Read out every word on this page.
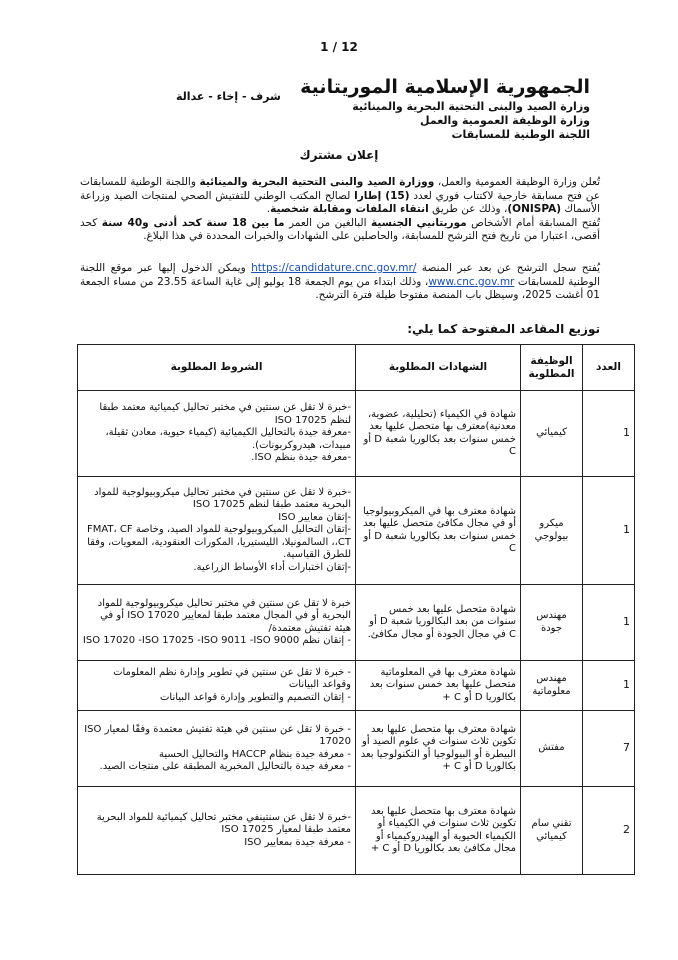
1 / 12
الجمهورية الإسلامية الموريتانية
شرف - إخاء - عدالة
وزارة الصيد والبنى التحتية البحرية والمينائية
وزارة الوظيفة العمومية والعمل
اللجنة الوطنية للمسابقات
إعلان مشترك
تُعلن وزارة الوظيفة العمومية والعمل، ووزارة الصيد والبنى التحتية البحرية والمينائية واللجنة الوطنية للمسابقات عن فتح مسابقة خارجية لاكتتاب فوري لعدد (15) إطارا لصالح المكتب الوطني للتفتيش الصحي لمنتجات الصيد وزراعة الأسماك (ONISPA)، وذلك عن طريق انتقاء الملفات ومقابلة شخصية.
تُفتح المسابقة أمام الأشخاص موريتانيي الجنسية البالغين من العمر ما بين 18 سنة كحد أدنى و40 سنة كحد أقصى، اعتبارا من تاريخ فتح الترشح للمسابقة، والحاصلين على الشهادات والخبرات المحددة في هذا البلاغ.
يُفتح سجل الترشح عن بعد عبر المنصة https://candidature.cnc.gov.mr/ ويمكن الدخول إليها عبر موقع اللجنة الوطنية للمسابقات www.cnc.gov.mr، وذلك ابتداء من يوم الجمعة 18 يوليو إلى غاية الساعة 23.55 من مساء الجمعة 01 أغشت 2025، وسيظل باب المنصة مفتوحا طيلة فترة الترشح.
توزيع المقاعد المفتوحة كما يلي:
العدد	الوظيفة المطلوبة	الشهادات المطلوبة	الشروط المطلوبة
1	كيميائي	شهادة في الكيمياء (تحليلية، عضوية، معدنية)معترف بها متحصل عليها بعد خمس سنوات بعد بكالوريا شعبة D أو C	-خبرة لا تقل عن سنتين في مختبر تحاليل كيميائية معتمد طبقا لنظم ISO 17025
-معرفة جيدة بالتحاليل الكيميائية (كيمياء حيوية، معادن ثقيلة، مبيدات، هيدروكربونات).
-معرفة جيدة بنظم ISO.

1	ميكرو بيولوجي	شهادة معترف بها في الميكروبيولوجيا أو في مجال مكافئ متحصل عليها بعد خمس سنوات بعد بكالوريا شعبة D أو C	-خبرة لا تقل عن سنتين في مختبر تحاليل ميكروبيولوجية للمواد البحرية معتمد طبقا لنظم ISO 17025
-إتقان معايير ISO
-إتقان التحاليل الميكروبيولوجية للمواد الصيد، وخاصة FMAT، CF ،CT، السالمونيلا، الليستيريا، المكورات العنقودية، المعويات، وفقا للطرق القياسية.
-إتقان اختبارات أداء الأوساط الزراعية.

1	مهندس جودة	شهادة متحصل عليها بعد خمس سنوات من بعد البكالوريا شعبة D أو C في مجال الجودة أو مجال مكافئ.	خبرة لا تقل عن سنتين في مختبر تحاليل ميكروبيولوجية للمواد البحرية أو في المجال معتمد طبقا لمعايير ISO 17020 أو في هيئة تفتيش معتمدة/
- إتقان نظم ISO 17020 -ISO 17025 -ISO 9011 -ISO 9000

1	مهندس معلوماتية	شهادة معترف بها في المعلوماتية متحصل عليها بعد خمس سنوات بعد بكالوريا D أو C +	- خبرة لا تقل عن سنتين في تطوير وإدارة نظم المعلومات وقواعد البيانات
- إتقان التصميم والتطوير وإدارة قواعد البيانات

7	مفتش	شهادة معترف بها متحصل عليها بعد تكوين ثلاث سنوات في علوم الصيد أو البيطرة أو البيولوجيا أو التكنولوجيا بعد بكالوريا D أو C +	- خبرة لا تقل عن سنتين في هيئة تفتيش معتمدة وفقًا لمعيار ISO 17020
- معرفة جيدة بنظام HACCP والتحاليل الحسية
- معرفة جيدة بالتحاليل المخبرية المطبقة على منتجات الصيد.

2	تقني سام كيميائي	شهادة معترف بها متحصل عليها بعد تكوين ثلاث سنوات في الكيمياء أو الكيمياء الحيوية أو الهيدروكيمياء أو مجال مكافئ بعد بكالوريا D أو C +	-خبرة لا تقل عن سنتينفي مختبر تحاليل كيميائية للمواد البحرية معتمد طبقا لمعيار ISO 17025
- معرفة جيدة بمعايير ISO
